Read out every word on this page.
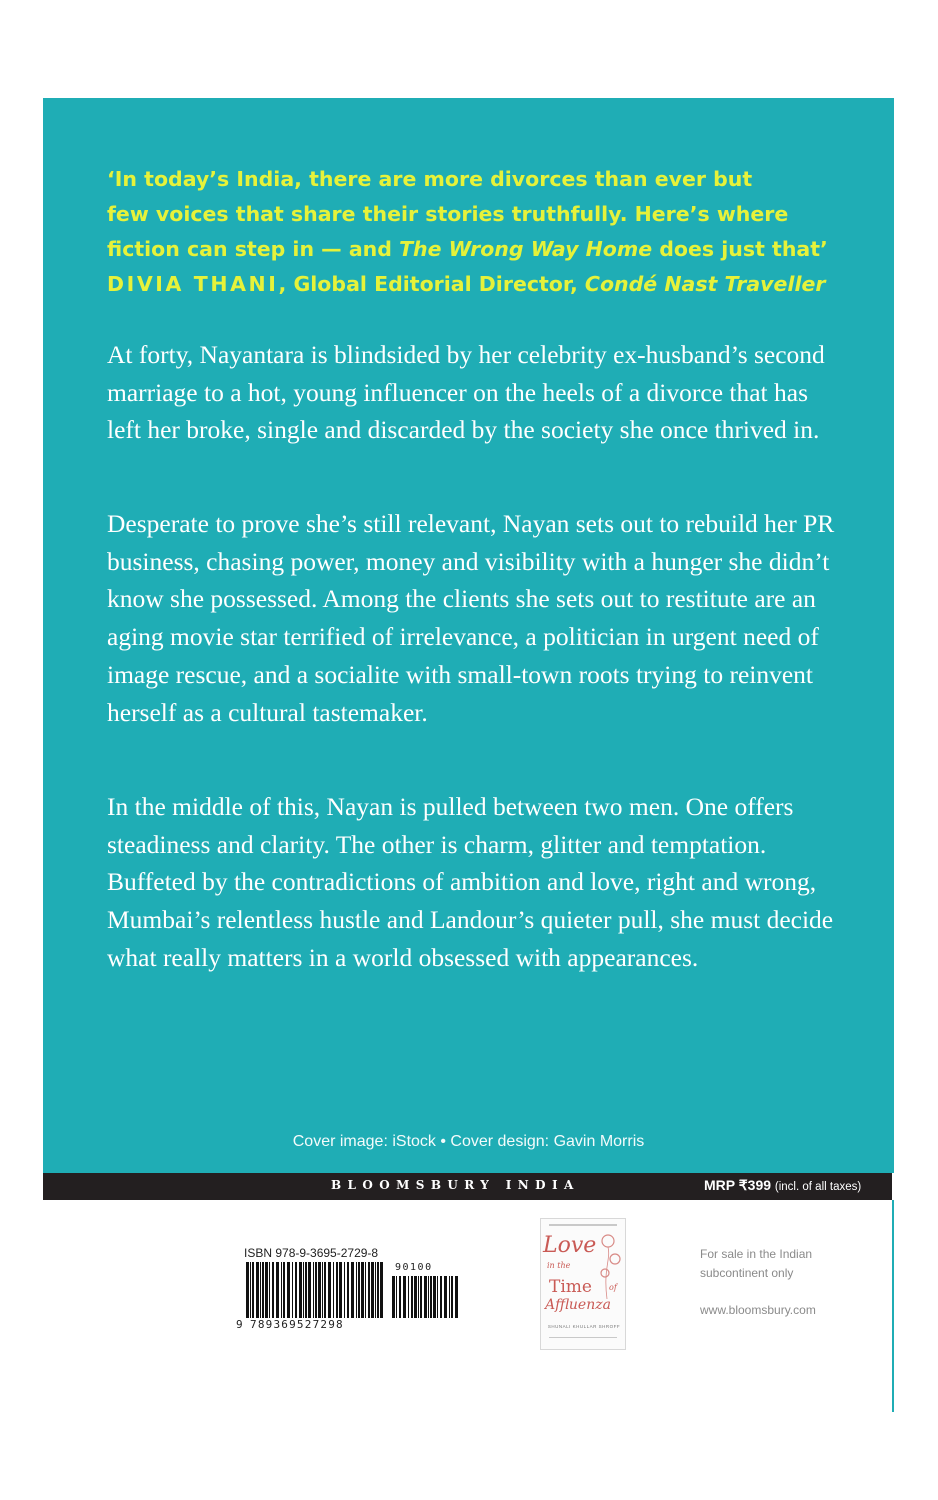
‘In today’s India, there are more divorces than ever but
few voices that share their stories truthfully. Here’s where
fiction can step in — and The Wrong Way Home does just that’
DIVIA THANI, Global Editorial Director, Condé Nast Traveller

At forty, Nayantara is blindsided by her celebrity ex-husband’s second marriage to a hot, young influencer on the heels of a divorce that has left her broke, single and discarded by the society she once thrived in.

Desperate to prove she’s still relevant, Nayan sets out to rebuild her PR business, chasing power, money and visibility with a hunger she didn’t know she possessed. Among the clients she sets out to restitute are an aging movie star terrified of irrelevance, a politician in urgent need of image rescue, and a socialite with small-town roots trying to reinvent herself as a cultural tastemaker.

In the middle of this, Nayan is pulled between two men. One offers steadiness and clarity. The other is charm, glitter and temptation. Buffeted by the contradictions of ambition and love, right and wrong, Mumbai’s relentless hustle and Landour’s quieter pull, she must decide what really matters in a world obsessed with appearances.

Cover image: iStock • Cover design: Gavin Morris
BLOOMSBURY INDIA	MRP ₹399 (incl. of all taxes)
ISBN 978-9-3695-2729-8
90100
9 789369527298
Love
in the
Time of
Affluenza
SHUNALI KHULLAR SHROFF
For sale in the Indian
subcontinent only
www.bloomsbury.com
